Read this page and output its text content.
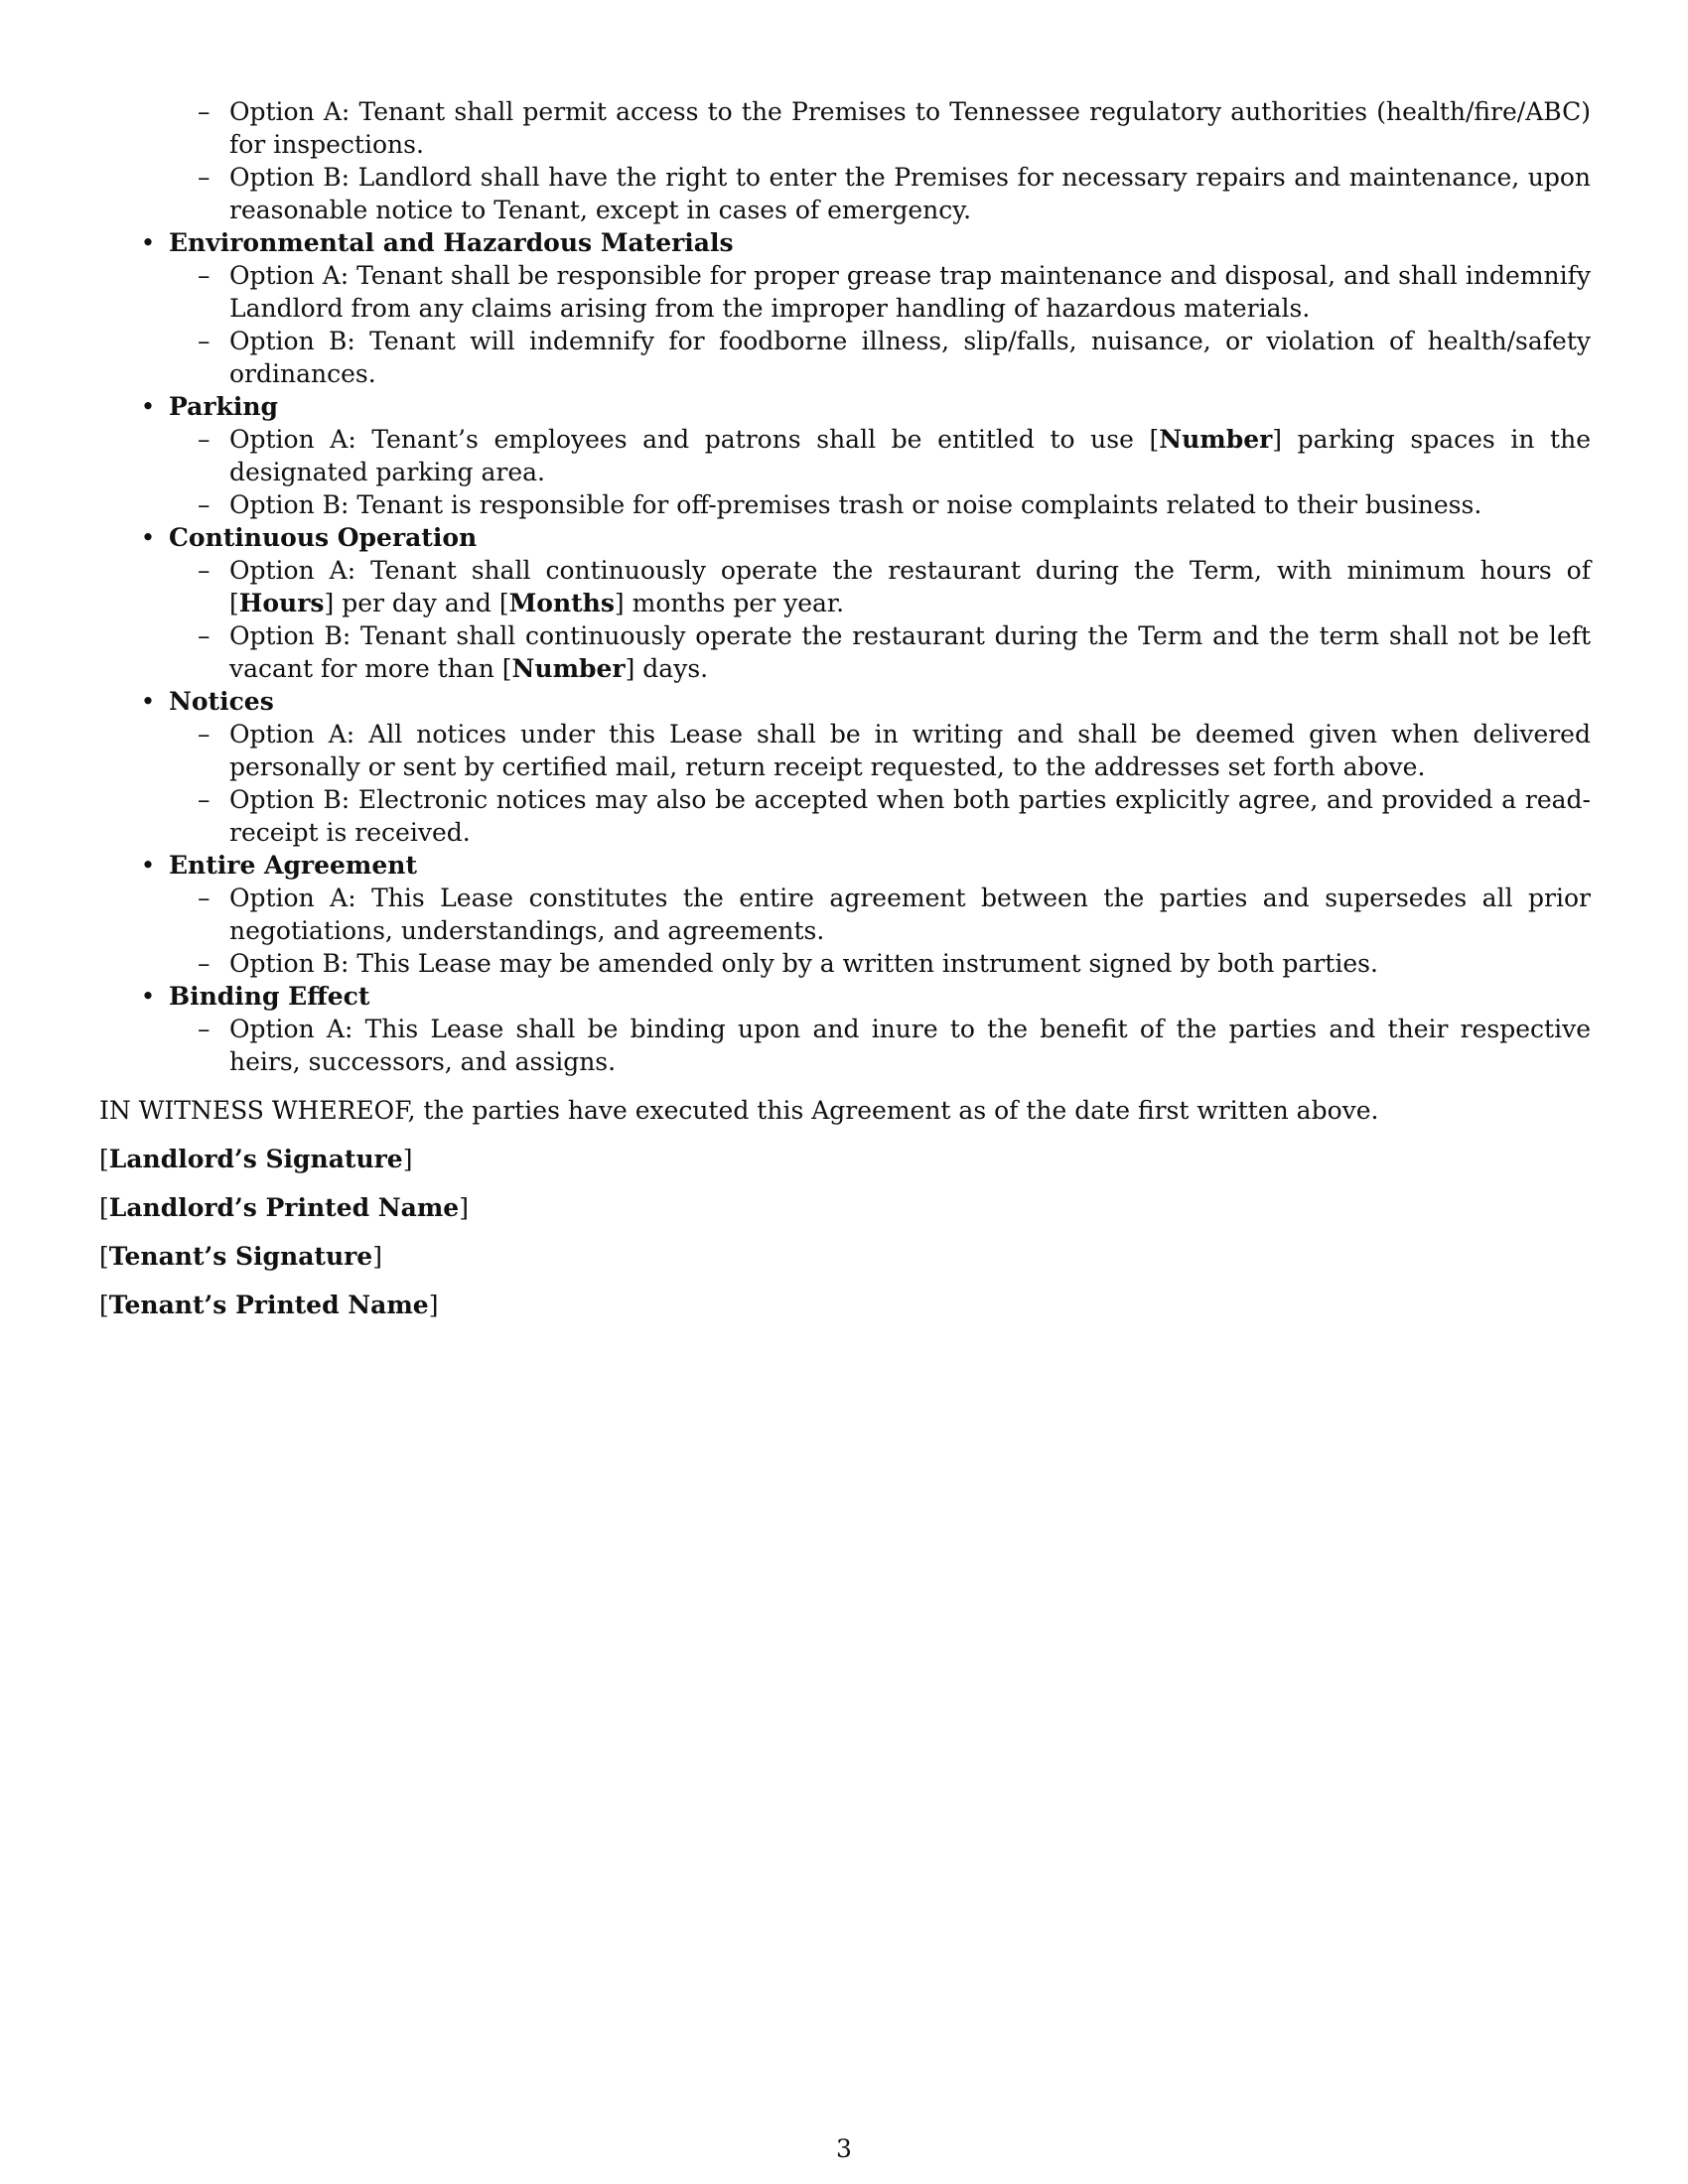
– Option A: Tenant shall permit access to the Premises to Tennessee regulatory authorities (health/fire/ABC) for inspections.
– Option B: Landlord shall have the right to enter the Premises for necessary repairs and maintenance, upon reasonable notice to Tenant, except in cases of emergency.
• Environmental and Hazardous Materials
– Option A: Tenant shall be responsible for proper grease trap maintenance and disposal, and shall indemnify Landlord from any claims arising from the improper handling of hazardous materials.
– Option B: Tenant will indemnify for foodborne illness, slip/falls, nuisance, or violation of health/safety ordinances.
• Parking
– Option A: Tenant’s employees and patrons shall be entitled to use [Number] parking spaces in the designated parking area.
– Option B: Tenant is responsible for off-premises trash or noise complaints related to their business.
• Continuous Operation
– Option A: Tenant shall continuously operate the restaurant during the Term, with minimum hours of [Hours] per day and [Months] months per year.
– Option B: Tenant shall continuously operate the restaurant during the Term and the term shall not be left vacant for more than [Number] days.
• Notices
– Option A: All notices under this Lease shall be in writing and shall be deemed given when delivered personally or sent by certified mail, return receipt requested, to the addresses set forth above.
– Option B: Electronic notices may also be accepted when both parties explicitly agree, and provided a read-receipt is received.
• Entire Agreement
– Option A: This Lease constitutes the entire agreement between the parties and supersedes all prior negotiations, understandings, and agreements.
– Option B: This Lease may be amended only by a written instrument signed by both parties.
• Binding Effect
– Option A: This Lease shall be binding upon and inure to the benefit of the parties and their respective heirs, successors, and assigns.
IN WITNESS WHEREOF, the parties have executed this Agreement as of the date first written above.
[Landlord’s Signature]
[Landlord’s Printed Name]
[Tenant’s Signature]
[Tenant’s Printed Name]
3
